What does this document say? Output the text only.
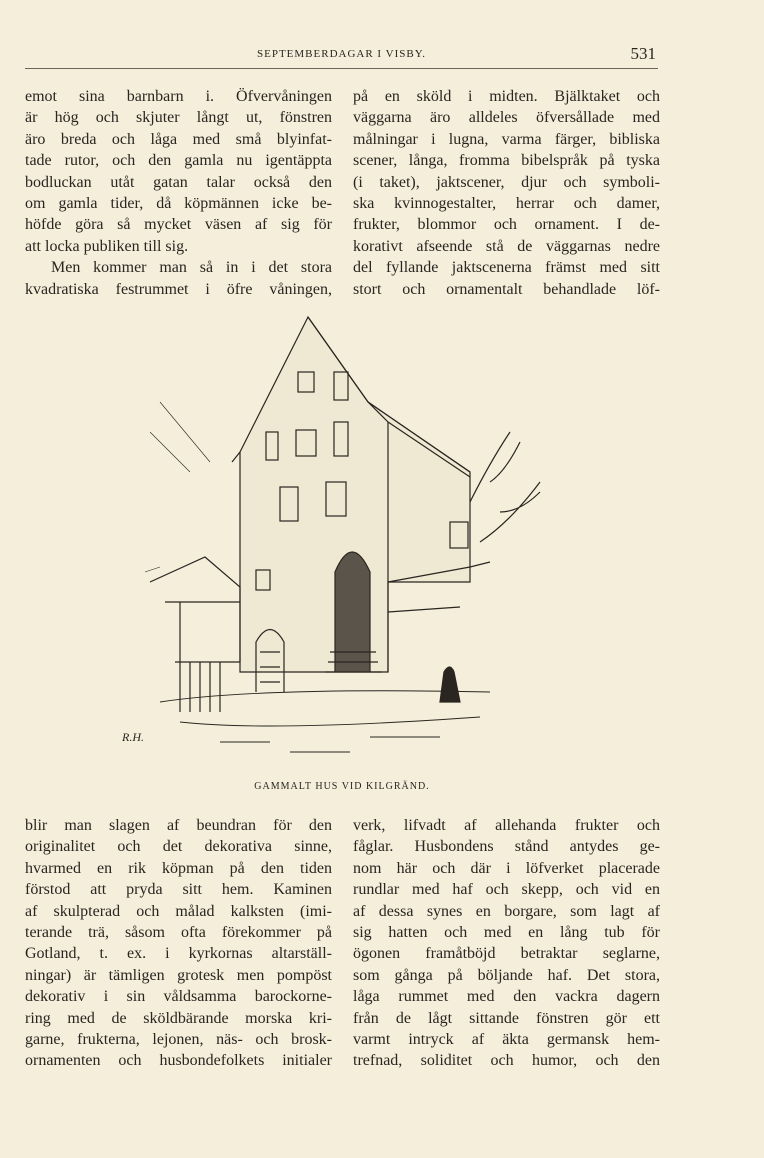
SEPTEMBERDAGAR I VISBY.	531
emot sina barnbarn i. Öfvervåningen
är hög och skjuter långt ut, fönstren
äro breda och låga med små blyinfat-
tade rutor, och den gamla nu igentäppta
bodluckan utåt gatan talar också den
om gamla tider, då köpmännen icke be-
höfde göra så mycket väsen af sig för
att locka publiken till sig.
Men kommer man så in i det stora
kvadratiska festrummet i öfre våningen,
på en sköld i midten. Bjälktaket och
väggarna äro alldeles öfversållade med
målningar i lugna, varma färger, bibliska
scener, långa, fromma bibelspråk på tyska
(i taket), jaktscener, djur och symboli-
ska kvinnogestalter, herrar och damer,
frukter, blommor och ornament. I de-
korativt afseende stå de väggarnas nedre
del fyllande jaktscenerna främst med sitt
stort och ornamentalt behandlade löf-
R.H.
GAMMALT HUS VID KILGRÄND.
blir man slagen af beundran för den
originalitet och det dekorativa sinne,
hvarmed en rik köpman på den tiden
förstod att pryda sitt hem. Kaminen
af skulpterad och målad kalksten (imi-
terande trä, såsom ofta förekommer på
Gotland, t. ex. i kyrkornas altarställ-
ningar) är tämligen grotesk men pompöst
dekorativ i sin våldsamma barockorne-
ring med de sköldbärande morska kri-
garne, frukterna, lejonen, näs- och brosk-
ornamenten och husbondefolkets initialer
verk, lifvadt af allehanda frukter och
fåglar. Husbondens stånd antydes ge-
nom här och där i löfverket placerade
rundlar med haf och skepp, och vid en
af dessa synes en borgare, som lagt af
sig hatten och med en lång tub för
ögonen framåtböjd betraktar seglarne,
som gånga på böljande haf. Det stora,
låga rummet med den vackra dagern
från de lågt sittande fönstren gör ett
varmt intryck af äkta germansk hem-
trefnad, soliditet och humor, och den
